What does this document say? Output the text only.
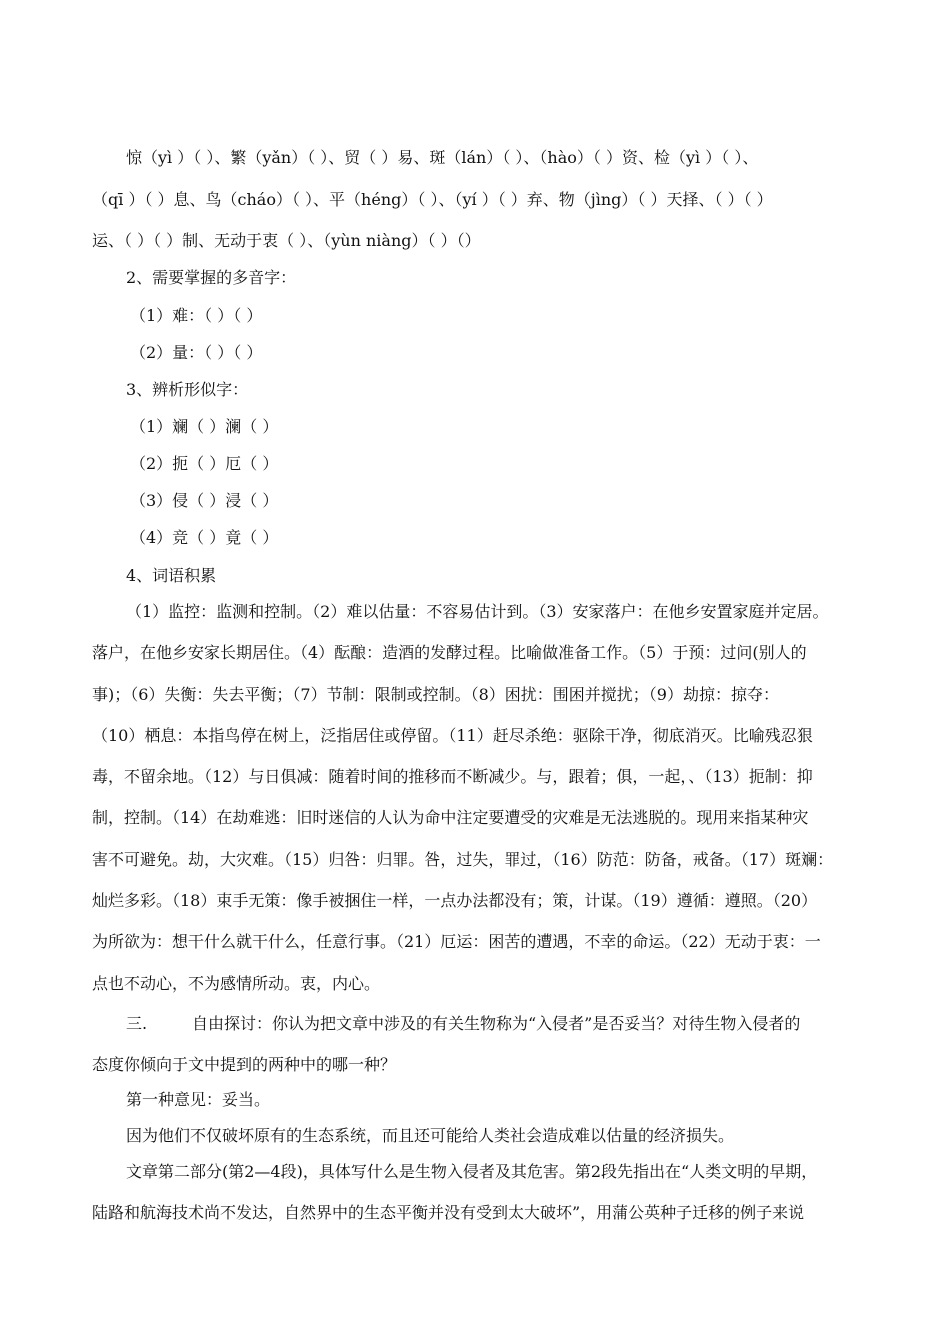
惊（yì ）（ ）、繁（yǎn）（ ）、贸（ ）易、斑（lán）（ ）、（hào）（ ）资、检（yì ）（ ）、
（qī ）（ ）息、鸟（cháo）（ ）、平（héng）（ ）、（yí ）（ ）弃、物（jìng）（ ）天择、（ ）（ ）
运、（ ）（ ）制、无动于衷（ ）、（yùn niàng）（ ）（）
2、需要掌握的多音字：
（1）难：（ ）（ ）
（2）量：（ ）（ ）
3、辨析形似字：
（1）斓（ ）澜（ ）
（2）扼（ ）厄（ ）
（3）侵（ ）浸（ ）
（4）竞（ ）竟（ ）
4、词语积累
（1）监控：监测和控制。（2）难以估量：不容易估计到。（3）安家落户：在他乡安置家庭并定居。
落户，在他乡安家长期居住。（4）酝酿：造酒的发酵过程。比喻做准备工作。（5）于预：过问(别人的
事)；（6）失衡：失去平衡；（7）节制：限制或控制。（8）困扰：围困并搅扰；（9）劫掠：掠夺：
（10）栖息：本指鸟停在树上，泛指居住或停留。（11）赶尽杀绝：驱除干净，彻底消灭。比喻残忍狠
毒，不留余地。（12）与日俱减：随着时间的推移而不断减少。与，跟着；俱，一起，、（13）扼制：抑
制，控制。（14）在劫难逃：旧时迷信的人认为命中注定要遭受的灾难是无法逃脱的。现用来指某种灾
害不可避免。劫，大灾难。（15）归咎：归罪。咎，过失，罪过，（16）防范：防备，戒备。（17）斑斓：
灿烂多彩。（18）束手无策：像手被捆住一样，一点办法都没有；策，计谋。（19）遵循：遵照。（20）
为所欲为：想干什么就干什么，任意行事。（21）厄运：困苦的遭遇，不幸的命运。（22）无动于衷：一
点也不动心，不为感情所动。衷，内心。
三.	自由探讨：你认为把文章中涉及的有关生物称为“入侵者”是否妥当？对待生物入侵者的
态度你倾向于文中提到的两种中的哪一种？
第一种意见：妥当。
因为他们不仅破坏原有的生态系统，而且还可能给人类社会造成难以估量的经济损失。
文章第二部分(第2—4段)，具体写什么是生物入侵者及其危害。第2段先指出在“人类文明的早期，
陆路和航海技术尚不发达，自然界中的生态平衡并没有受到太大破坏”，用蒲公英种子迁移的例子来说
